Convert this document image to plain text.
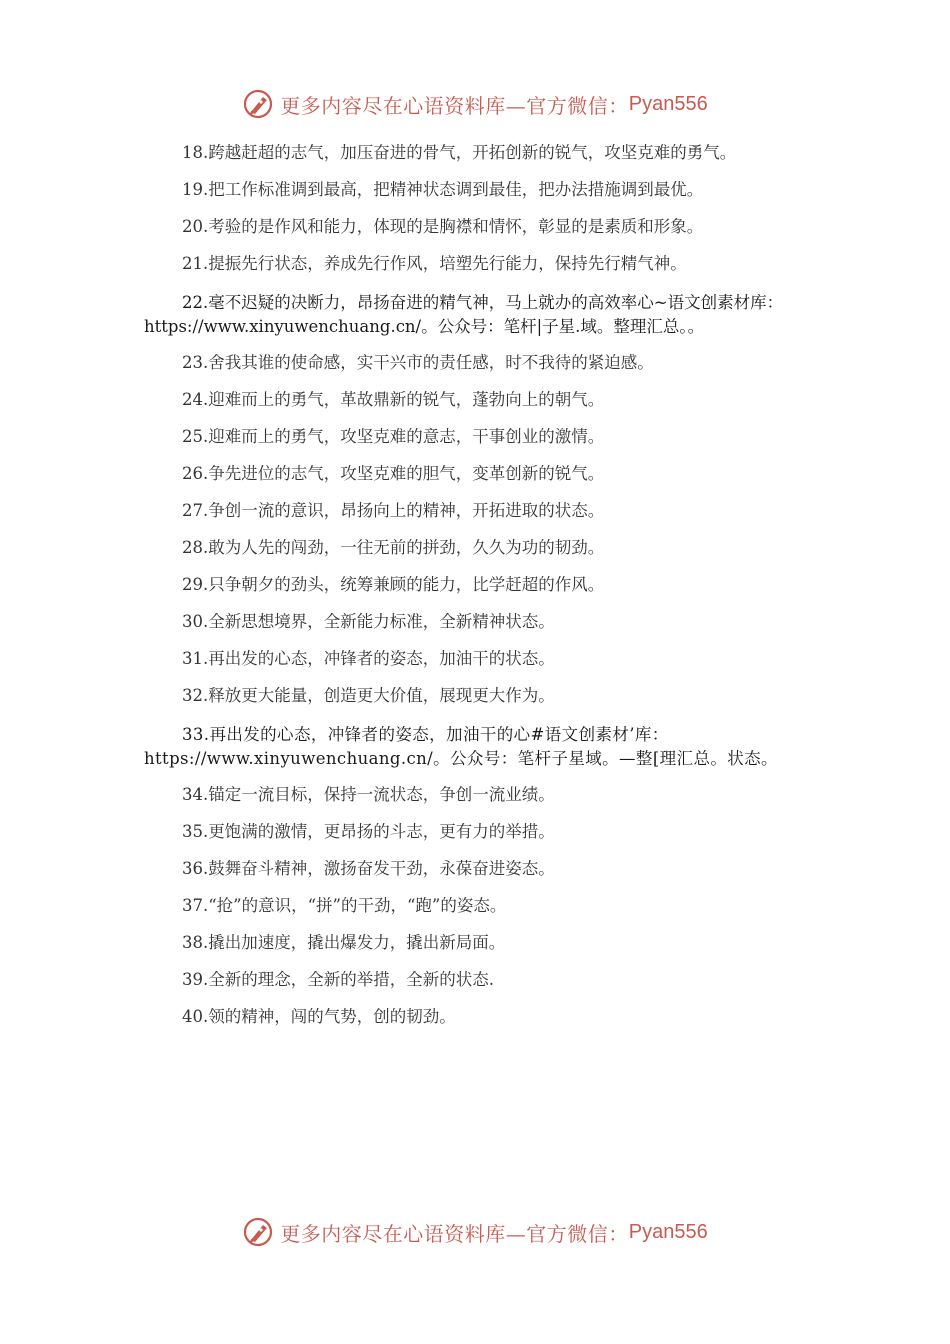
更多内容尽在心语资料库—官方微信： Pyan556

18.跨越赶超的志气，加压奋进的骨气，开拓创新的锐气，攻坚克难的勇气。

19.把工作标准调到最高，把精神状态调到最佳，把办法措施调到最优。

20.考验的是作风和能力，体现的是胸襟和情怀，彰显的是素质和形象。

21.提振先行状态，养成先行作风，培塑先行能力，保持先行精气神。

22.毫不迟疑的决断力，昂扬奋进的精气神，马上就办的高效率心~语文创素材库：https://www.xinyuwenchuang.cn/。公众号：笔杆|子星.域。整理汇总。。

23.舍我其谁的使命感，实干兴市的责任感，时不我待的紧迫感。

24.迎难而上的勇气，革故鼎新的锐气，蓬勃向上的朝气。

25.迎难而上的勇气，攻坚克难的意志，干事创业的激情。

26.争先进位的志气，攻坚克难的胆气，变革创新的锐气。

27.争创一流的意识，昂扬向上的精神，开拓进取的状态。

28.敢为人先的闯劲，一往无前的拼劲，久久为功的韧劲。

29.只争朝夕的劲头，统筹兼顾的能力，比学赶超的作风。

30.全新思想境界，全新能力标准，全新精神状态。

31.再出发的心态，冲锋者的姿态，加油干的状态。

32.释放更大能量，创造更大价值，展现更大作为。

33.再出发的心态，冲锋者的姿态，加油干的心#语文创素材’库：https://www.xinyuwenchuang.cn/。公众号：笔杆子星域。—整[理汇总。状态。

34.锚定一流目标，保持一流状态，争创一流业绩。

35.更饱满的激情，更昂扬的斗志，更有力的举措。

36.鼓舞奋斗精神，激扬奋发干劲，永葆奋进姿态。

37.“抢”的意识，“拼”的干劲，“跑”的姿态。

38.撬出加速度，撬出爆发力，撬出新局面。

39.全新的理念，全新的举措，全新的状态.

40.领的精神，闯的气势，创的韧劲。

更多内容尽在心语资料库—官方微信： Pyan556
